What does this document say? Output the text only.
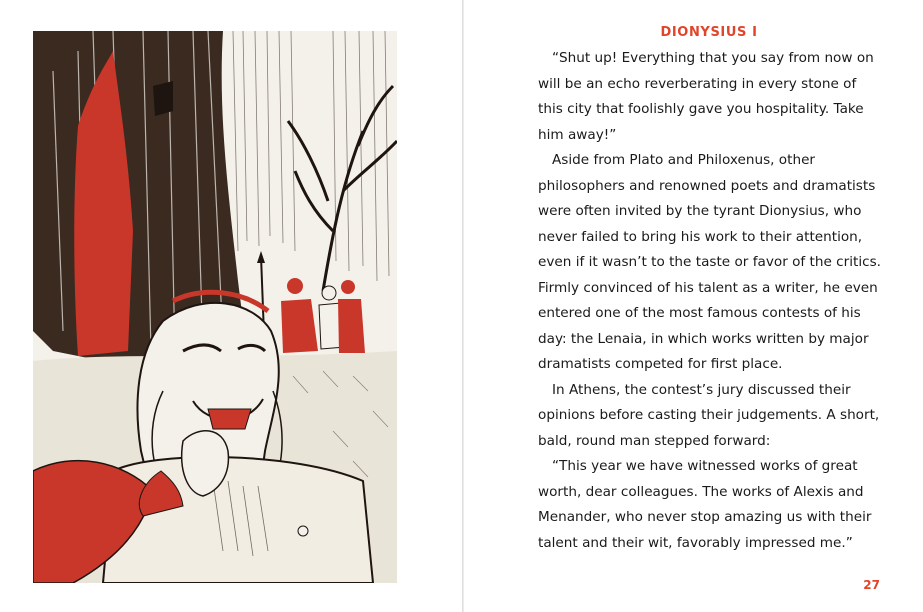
DIONYSIUS I

“Shut up! Everything that you say from now on will be an echo reverberating in every stone of this city that foolishly gave you hospitality. Take him away!”

Aside from Plato and Philoxenus, other philosophers and renowned poets and dramatists were often invited by the tyrant Dionysius, who never failed to bring his work to their attention, even if it wasn’t to the taste or favor of the critics. Firmly convinced of his talent as a writer, he even entered one of the most famous contests of his day: the Lenaia, in which works written by major dramatists competed for first place.

In Athens, the contest’s jury discussed their opinions before casting their judgements. A short, bald, round man stepped forward:

“This year we have witnessed works of great worth, dear colleagues. The works of Alexis and Menander, who never stop amazing us with their talent and their wit, favorably impressed me.”

27
